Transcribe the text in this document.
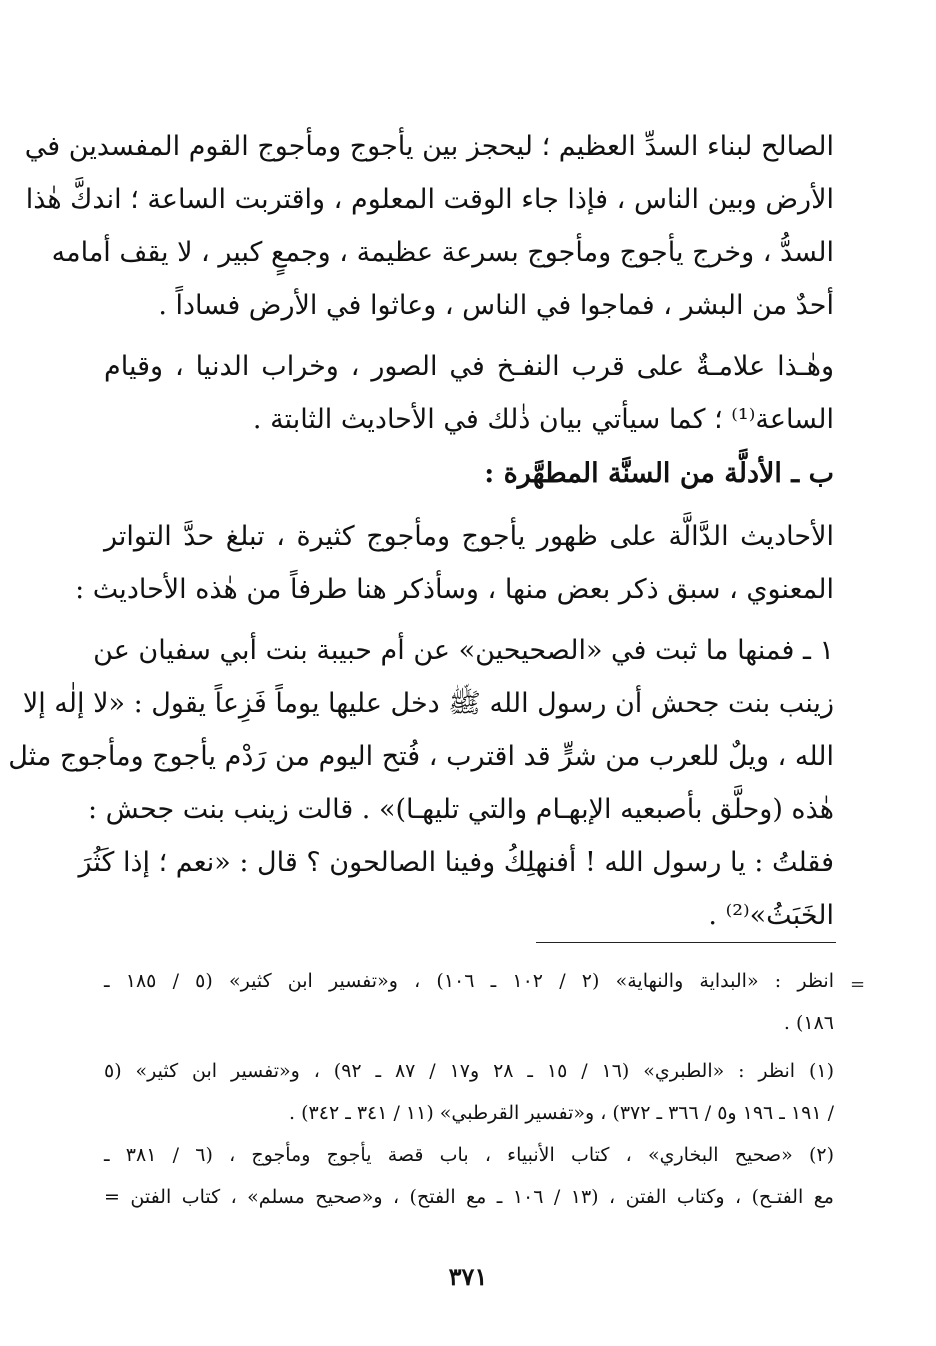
الصالح لبناء السدِّ العظيم ؛ ليحجز بين يأجوج ومأجوج القوم المفسدين في
الأرض وبين الناس ، فإذا جاء الوقت المعلوم ، واقتربت الساعة ؛ اندكَّ هٰذا
السدُّ ، وخرج يأجوج ومأجوج بسرعة عظيمة ، وجمعٍ كبير ، لا يقف أمامه
أحدٌ من البشر ، فماجوا في الناس ، وعاثوا في الأرض فساداً .
وهٰـذا علامـةٌ على قرب النفـخ في الصور ، وخراب الدنيا ، وقيام
الساعة⁽¹⁾ ؛ كما سيأتي بيان ذٰلك في الأحاديث الثابتة .
ب ـ الأدلَّة من السنَّة المطهَّرة :
الأحاديث الدَّالَّة على ظهور يأجوج ومأجوج كثيرة ، تبلغ حدَّ التواتر
المعنوي ، سبق ذكر بعض منها ، وسأذكر هنا طرفاً من هٰذه الأحاديث :
١ ـ فمنها ما ثبت في «الصحيحين» عن أم حبيبة بنت أبي سفيان عن
زينب بنت جحش أن رسول الله ﷺ دخل عليها يوماً فَزِعاً يقول : «لا إلٰه إلا
الله ، ويلٌ للعرب من شرٍّ قد اقترب ، فُتح اليوم من رَدْم يأجوج ومأجوج مثل
هٰذه (وحلَّق بأصبعيه الإبهـام والتي تليهـا)» . قالت زينب بنت جحش :
فقلتُ : يا رسول الله ! أفنهلِكُ وفينا الصالحون ؟ قال : «نعم ؛ إذا كَثُرَ
الخَبَثُ»⁽²⁾ .
=
انظر : «البداية والنهاية» (٢ / ١٠٢ ـ ١٠٦) ، و«تفسير ابن كثير» (٥ / ١٨٥ ـ
١٨٦) .
(١) انظر : «الطبري» (١٦ / ١٥ ـ ٢٨ و١٧ / ٨٧ ـ ٩٢) ، و«تفسير ابن كثير» (٥
/ ١٩١ ـ ١٩٦ و٥ / ٣٦٦ ـ ٣٧٢) ، و«تفسير القرطبي» (١١ / ٣٤١ ـ ٣٤٢) .
(٢) «صحيح البخاري» ، كتاب الأنبياء ، باب قصة يأجوج ومأجوج ، (٦ / ٣٨١ ـ
مع الفتـح) ، وكتاب الفتن ، (١٣ / ١٠٦ ـ مع الفتح) ، و«صحيح مسلم» ، كتاب الفتن =
٣٧١
